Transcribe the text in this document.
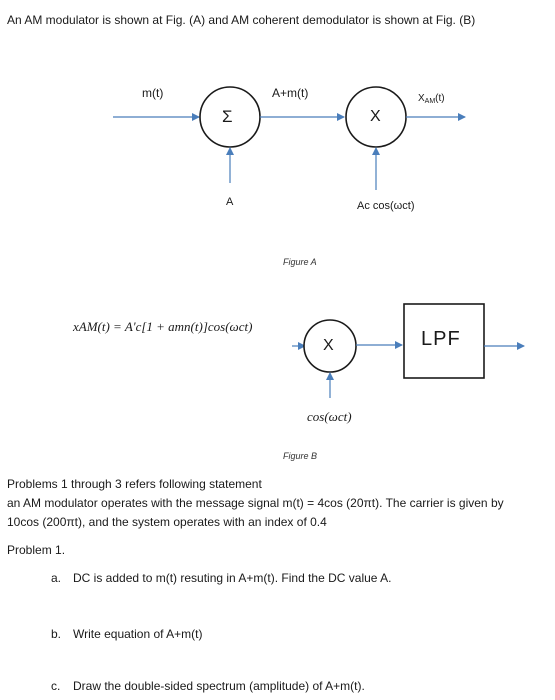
An AM modulator is shown at Fig. (A) and AM coherent demodulator is shown at Fig. (B)
m(t)
Σ
A+m(t)
X
$X_{AM}(t)$
A	Ac cos(ωct)
Figure A
xAM(t) = A'c[1 + amn(t)]cos(ωct)
X	LPF
cos(ωct)
Figure B
Problems 1 through 3 refers following statement
an AM modulator operates with the message signal m(t) = 4cos (20πt). The carrier is given by
10cos (200πt), and the system operates with an index of 0.4
Problem 1.
a. DC is added to m(t) resuting in A+m(t). Find the DC value A.
b. Write equation of A+m(t)
c. Draw the double-sided spectrum (amplitude) of A+m(t).
